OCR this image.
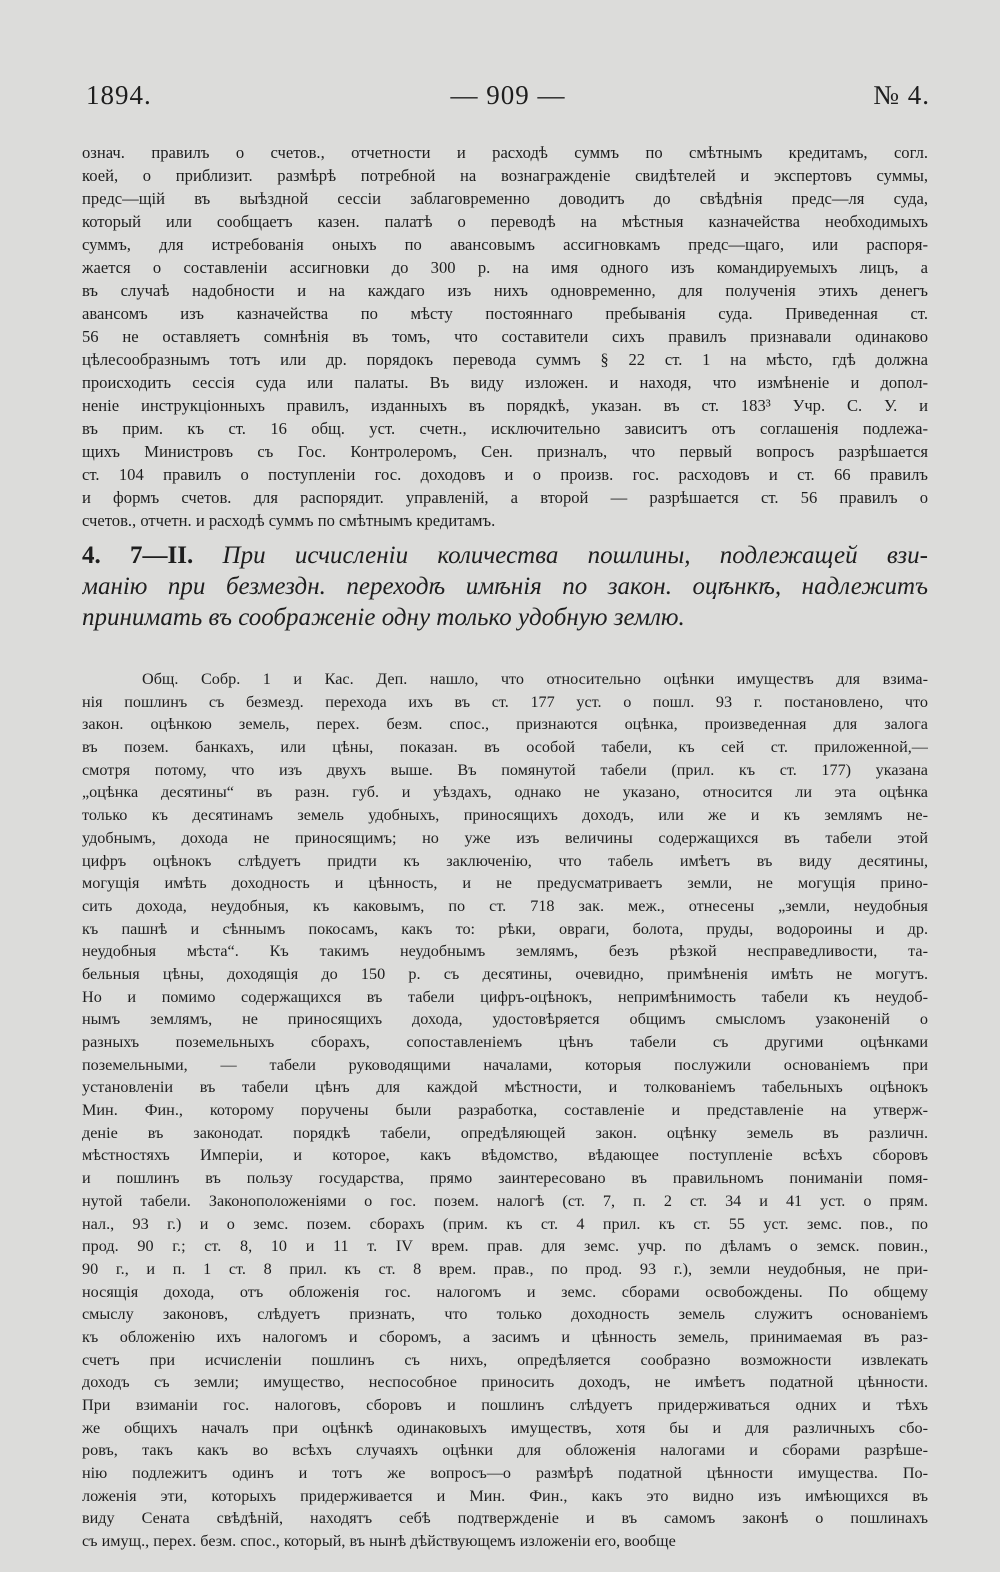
1894.	— 909 —	№ 4.
означ. правилъ о счетов., отчетности и расходѣ суммъ по смѣтнымъ кредитамъ, согл.
коей, о приблизит. размѣрѣ потребной на вознагражденіе свидѣтелей и экспертовъ суммы,
предс—щій въ выѣздной сессіи заблаговременно доводитъ до свѣдѣнія предс—ля суда,
который или сообщаетъ казен. палатѣ о переводѣ на мѣстныя казначейства необходимыхъ
суммъ, для истребованія оныхъ по авансовымъ ассигновкамъ предс—щаго, или распоря-
жается о составленіи ассигновки до 300 р. на имя одного изъ командируемыхъ лицъ, а
въ случаѣ надобности и на каждаго изъ нихъ одновременно, для полученія этихъ денегъ
авансомъ изъ казначейства по мѣсту постояннаго пребыванія суда. Приведенная ст.
56 не оставляетъ сомнѣнія въ томъ, что составители сихъ правилъ признавали одинаково
цѣлесообразнымъ тотъ или др. порядокъ перевода суммъ § 22 ст. 1 на мѣсто, гдѣ должна
происходить сессія суда или палаты. Въ виду изложен. и находя, что измѣненіе и допол-
неніе инструкціонныхъ правилъ, изданныхъ въ порядкѣ, указан. въ ст. 183³ Учр. С. У. и
въ прим. къ ст. 16 общ. уст. счетн., исключительно зависитъ отъ соглашенія подлежа-
щихъ Министровъ съ Гос. Контролеромъ, Сен. призналъ, что первый вопросъ разрѣшается
ст. 104 правилъ о поступленіи гос. доходовъ и о произв. гос. расходовъ и ст. 66 правилъ
и формъ счетов. для распорядит. управленій, а второй — разрѣшается ст. 56 правилъ о
счетов., отчетн. и расходѣ суммъ по смѣтнымъ кредитамъ.
4. 7—II. При исчисленіи количества пошлины, подлежащей взи-
манію при безмездн. переходѣ имѣнія по закон. оцѣнкѣ, надлежитъ
принимать въ соображеніе одну только удобную землю.
Общ. Собр. 1 и Кас. Деп. нашло, что относительно оцѣнки имуществъ для взима-
нія пошлинъ съ безмезд. перехода ихъ въ ст. 177 уст. о пошл. 93 г. постановлено, что
закон. оцѣнкою земель, перех. безм. спос., признаются оцѣнка, произведенная для залога
въ позем. банкахъ, или цѣны, показан. въ особой табели, къ сей ст. приложенной,—
смотря потому, что изъ двухъ выше. Въ помянутой табели (прил. къ ст. 177) указана
„оцѣнка десятины“ въ разн. губ. и уѣздахъ, однако не указано, относится ли эта оцѣнка
только къ десятинамъ земель удобныхъ, приносящихъ доходъ, или же и къ землямъ не-
удобнымъ, дохода не приносящимъ; но уже изъ величины содержащихся въ табели этой
цифръ оцѣнокъ слѣдуетъ придти къ заключенію, что табель имѣетъ въ виду десятины,
могущія имѣть доходность и цѣнность, и не предусматриваетъ земли, не могущія прино-
сить дохода, неудобныя, къ каковымъ, по ст. 718 зак. меж., отнесены „земли, неудобныя
къ пашнѣ и сѣннымъ покосамъ, какъ то: рѣки, овраги, болота, пруды, водорoины и др.
неудобныя мѣста“. Къ такимъ неудобнымъ землямъ, безъ рѣзкой несправедливости, та-
бельныя цѣны, доходящія до 150 р. съ десятины, очевидно, примѣненія имѣть не могутъ.
Но и помимо содержащихся въ табели цифръ-оцѣнокъ, непримѣнимость табели къ неудоб-
нымъ землямъ, не приносящихъ дохода, удостовѣряется общимъ смысломъ узаконеній о
разныхъ поземельныхъ сборахъ, сопоставленіемъ цѣнъ табели съ другими оцѣнками
поземельными, — табели руководящими началами, которыя послужили основаніемъ при
установленіи въ табели цѣнъ для каждой мѣстности, и толкованіемъ табельныхъ оцѣнокъ
Мин. Фин., которому поручены были разработка, составленіе и представленіе на утверж-
деніе въ законодат. порядкѣ табели, опредѣляющей закон. оцѣнку земель въ различн.
мѣстностяхъ Имперіи, и которое, какъ вѣдомство, вѣдающее поступленіе всѣхъ сборовъ
и пошлинъ въ пользу государства, прямо заинтересовано въ правильномъ пониманіи помя-
нутой табели. Законоположеніями о гос. позем. налогѣ (ст. 7, п. 2 ст. 34 и 41 уст. о прям.
нал., 93 г.) и о земс. позем. сборахъ (прим. къ ст. 4 прил. къ ст. 55 уст. земс. пов., по
прод. 90 г.; ст. 8, 10 и 11 т. IV врем. прав. для земс. учр. по дѣламъ о земск. повин.,
90 г., и п. 1 ст. 8 прил. къ ст. 8 врем. прав., по прод. 93 г.), земли неудобныя, не при-
носящія дохода, отъ обложенія гос. налогомъ и земс. сборами освобождены. По общему
смыслу законовъ, слѣдуетъ признать, что только доходность земель служитъ основаніемъ
къ обложенію ихъ налогомъ и сборомъ, а засимъ и цѣнность земель, принимаемая въ раз-
счетъ при исчисленіи пошлинъ съ нихъ, опредѣляется сообразно возможности извлекать
доходъ съ земли; имущество, неспособное приносить доходъ, не имѣетъ податной цѣнности.
При взиманіи гос. налоговъ, сборовъ и пошлинъ слѣдуетъ придерживаться одних и тѣхъ
же общихъ началъ при оцѣнкѣ одинаковыхъ имуществъ, хотя бы и для различныхъ сбо-
ровъ, такъ какъ во всѣхъ случаяхъ оцѣнки для обложенія налогами и сборами разрѣше-
нію подлежитъ одинъ и тотъ же вопросъ—о размѣрѣ податной цѣнности имущества. По-
ложенія эти, которыхъ придерживается и Мин. Фин., какъ это видно изъ имѣющихся въ
виду Сената свѣдѣній, находятъ себѣ подтвержденіе и въ самомъ законѣ о пошлинахъ
съ имущ., перех. безм. спос., который, въ нынѣ дѣйствующемъ изложеніи его, вообще
